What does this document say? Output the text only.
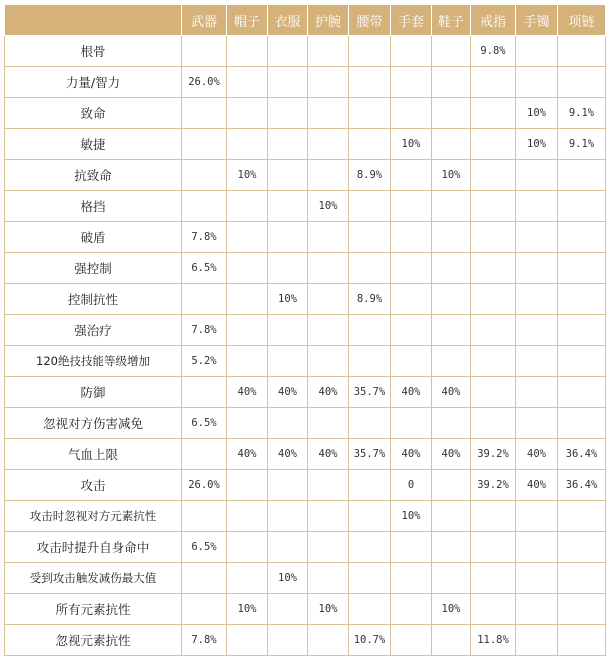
	武器	帽子	衣服	护腕	腰带	手套	鞋子	戒指	手镯	项链
根骨								9.8%		
力量/智力	26.0%									
致命									10%	9.1%
敏捷						10%			10%	9.1%
抗致命		10%			8.9%		10%			
格挡				10%						
破盾	7.8%									
强控制	6.5%									
控制抗性			10%		8.9%					
强治疗	7.8%									
120绝技技能等级增加	5.2%									
防御		40%	40%	40%	35.7%	40%	40%			
忽视对方伤害减免	6.5%									
气血上限		40%	40%	40%	35.7%	40%	40%	39.2%	40%	36.4%
攻击	26.0%					0		39.2%	40%	36.4%
攻击时忽视对方元素抗性						10%				
攻击时提升自身命中	6.5%									
受到攻击触发减伤最大值			10%							
所有元素抗性		10%		10%			10%			
忽视元素抗性	7.8%				10.7%			11.8%		
